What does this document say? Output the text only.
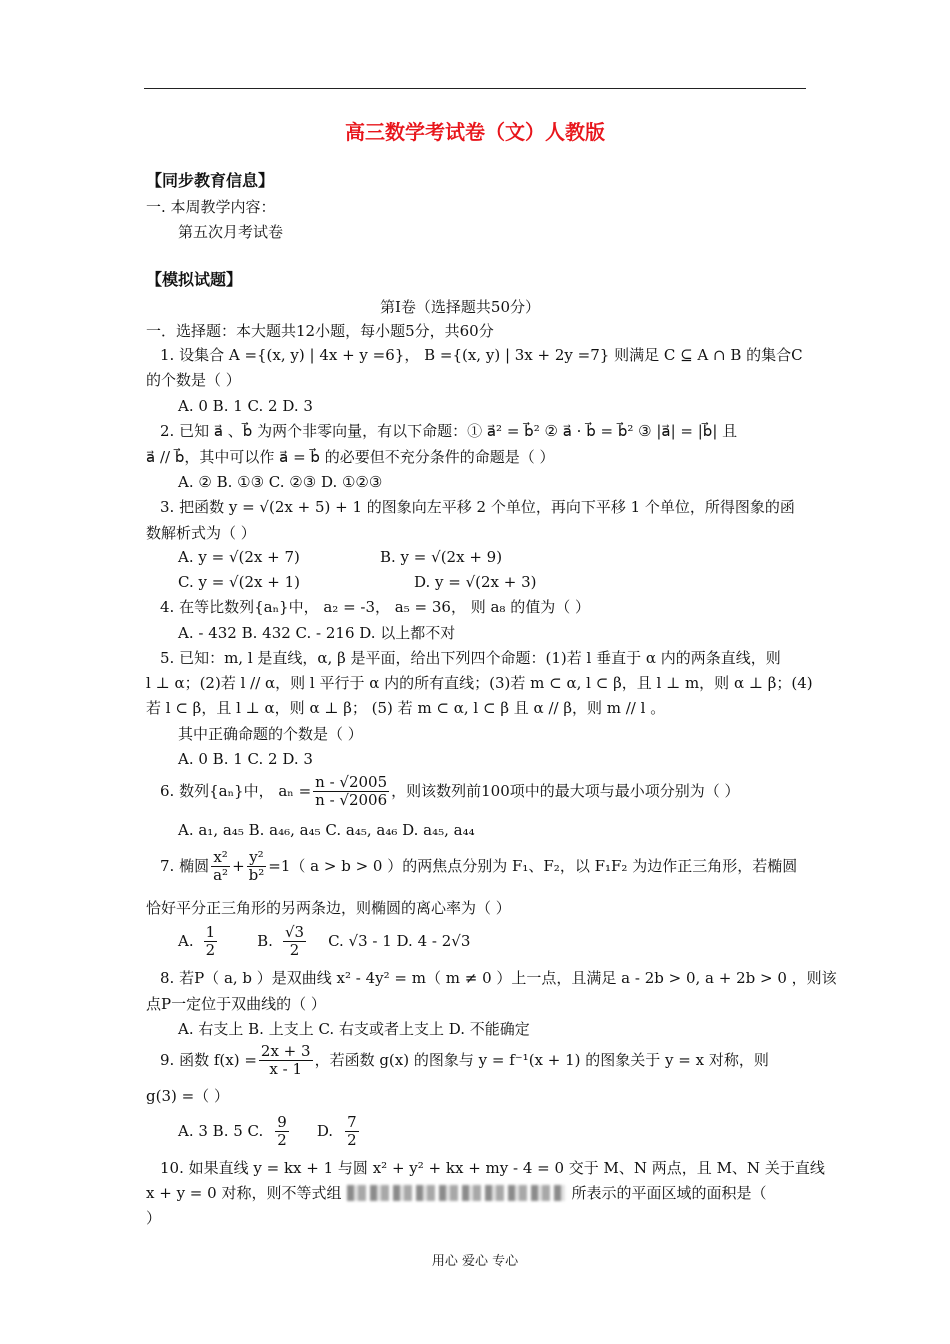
高三数学考试卷（文）人教版
【同步教育信息】
一. 本周教学内容：
第五次月考试卷
【模拟试题】
第Ⅰ卷（选择题共50分）
一．选择题：本大题共12小题，每小题5分，共60分
1. 设集合 A ={(x, y) | 4x + y =6}， B ={(x, y) | 3x + 2y =7} 则满足 C ⊆ A ∩ B 的集合C
的个数是（ ）
A. 0 B. 1 C. 2 D. 3
2. 已知 a⃗ 、b⃗ 为两个非零向量，有以下命题：① a⃗² = b⃗² ② a⃗ · b⃗ = b⃗² ③ |a⃗| = |b⃗| 且
a⃗ // b⃗，其中可以作 a⃗ = b⃗ 的必要但不充分条件的命题是（ ）
A. ② B. ①③ C. ②③ D. ①②③
3. 把函数 y = √(2x + 5) + 1 的图象向左平移 2 个单位，再向下平移 1 个单位，所得图象的函
数解析式为（ ）
A. y = √(2x + 7)	B. y = √(2x + 9)
C. y = √(2x + 1)	D. y = √(2x + 3)
4. 在等比数列{aₙ}中， a₂ = -3， a₅ = 36， 则 a₈ 的值为（ ）
A. - 432 B. 432 C. - 216 D. 以上都不对
5. 已知：m, l 是直线，α, β 是平面，给出下列四个命题：(1)若 l 垂直于 α 内的两条直线，则
l ⊥ α；(2)若 l // α，则 l 平行于 α 内的所有直线；(3)若 m ⊂ α, l ⊂ β，且 l ⊥ m，则 α ⊥ β；(4)
若 l ⊂ β，且 l ⊥ α，则 α ⊥ β； (5) 若 m ⊂ α, l ⊂ β 且 α // β，则 m // l 。
其中正确命题的个数是（ ）
A. 0 B. 1 C. 2 D. 3
6. 数列{aₙ}中， $a_n = \frac{n - √2005}{n - √2006}$ ，则该数列前100项中的最大项与最小项分别为（ ）
A. a₁, a₄₅ B. a₄₆, a₄₅ C. a₄₅, a₄₆ D. a₄₅, a₄₄
7. 椭圆 $\frac{\text{x²}}{\text{a²}} + \frac{\text{y²}}{\text{b²}} =1$（ a > b > 0 ）的两焦点分别为 F₁、F₂，以 F₁F₂ 为边作正三角形，若椭圆
恰好平分正三角形的另两条边，则椭圆的离心率为（ ）
A. $\frac{1}{2}$	B. $\frac{√3}{2} C$. √3 - 1 D. 4 - 2√3
8. 若P（ a, b ）是双曲线 x² - 4y² = m（ m ≠ 0 ）上一点，且满足 a - 2b > 0, a + 2b > 0 ，则该
点P一定位于双曲线的（ ）
A. 右支上 B. 上支上 C. 右支或者上支上 D. 不能确定
9. 函数 $f(x) = \frac{2x + 3}{x - 1}$ ，若函数 g(x) 的图象与 y = f⁻¹(x + 1) 的图象关于 y = x 对称，则
g(3) =（ ）
A. 3 B. 5 C. $\frac{9}{2} D$. $\frac{7}{2}$
10. 如果直线 y = kx + 1 与圆 x² + y² + kx + my - 4 = 0 交于 M、N 两点，且 M、N 关于直线
x + y = 0 对称，则不等式组	所表示的平面区域的面积是（
）
用心 爱心 专心
